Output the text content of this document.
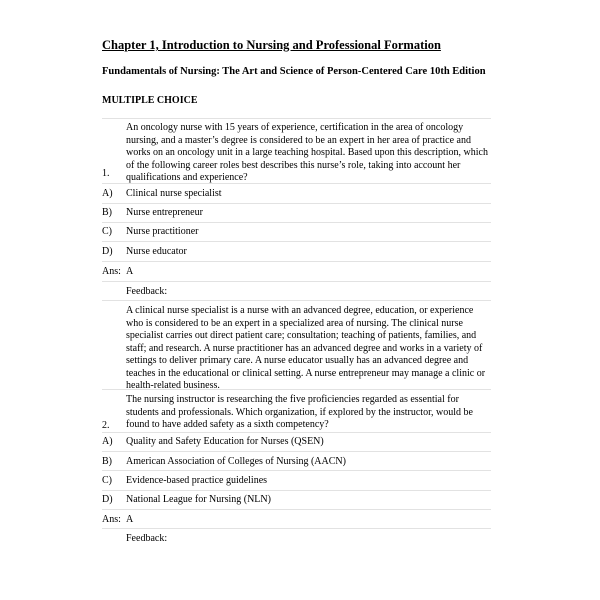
Chapter 1, Introduction to Nursing and Professional Formation
Fundamentals of Nursing: The Art and Science of Person-Centered Care 10th Edition
MULTIPLE CHOICE
An oncology nurse with 15 years of experience, certification in the area of oncology nursing, and a master’s degree is considered to be an expert in her area of practice and works on an oncology unit in a large teaching hospital. Based upon this description, which of the following career roles best describes this nurse’s role, taking into account her qualifications and experience?
1.
A) Clinical nurse specialist
B) Nurse entrepreneur
C) Nurse practitioner
D) Nurse educator
Ans: A
Feedback:
A clinical nurse specialist is a nurse with an advanced degree, education, or experience who is considered to be an expert in a specialized area of nursing. The clinical nurse specialist carries out direct patient care; consultation; teaching of patients, families, and staff; and research. A nurse practitioner has an advanced degree and works in a variety of settings to deliver primary care. A nurse educator usually has an advanced degree and teaches in the educational or clinical setting. A nurse entrepreneur may manage a clinic or health-related business.
The nursing instructor is researching the five proficiencies regarded as essential for students and professionals. Which organization, if explored by the instructor, would be found to have added safety as a sixth competency?
2.
A) Quality and Safety Education for Nurses (QSEN)
B) American Association of Colleges of Nursing (AACN)
C) Evidence-based practice guidelines
D) National League for Nursing (NLN)
Ans: A
Feedback:
